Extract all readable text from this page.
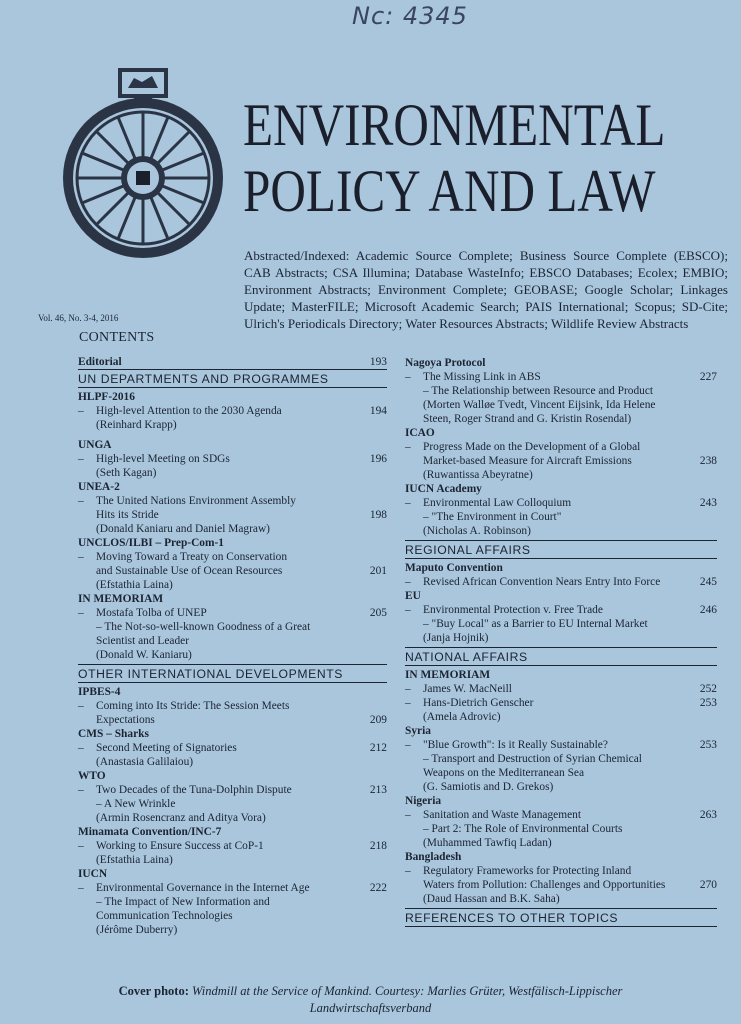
Nc: 4345
ENVIRONMENTAL
POLICY AND LAW
Abstracted/Indexed: Academic Source Complete; Business Source Complete (EBSCO); CAB Abstracts; CSA Illumina; Database WasteInfo; EBSCO Databases; Ecolex; EMBIO; Environment Abstracts; Environment Complete; GEOBASE; Google Scholar; Linkages Update; MasterFILE; Microsoft Academic Search; PAIS International; Scopus; SD-Cite; Ulrich's Periodicals Directory; Water Resources Abstracts; Wildlife Review Abstracts
Vol. 46, No. 3-4, 2016
CONTENTS
Editorial	193
UN DEPARTMENTS AND PROGRAMMES
HLPF-2016
– High-level Attention to the 2030 Agenda	194
(Reinhard Krapp)
UNGA
– High-level Meeting on SDGs	196
(Seth Kagan)
UNEA-2
– The United Nations Environment Assembly
Hits its Stride	198
(Donald Kaniaru and Daniel Magraw)
UNCLOS/ILBI – Prep-Com-1
– Moving Toward a Treaty on Conservation
and Sustainable Use of Ocean Resources	201
(Efstathia Laina)
IN MEMORIAM
– Mostafa Tolba of UNEP	205
– The Not-so-well-known Goodness of a Great
Scientist and Leader
(Donald W. Kaniaru)
OTHER INTERNATIONAL DEVELOPMENTS
IPBES-4
– Coming into Its Stride: The Session Meets
Expectations	209
CMS – Sharks
– Second Meeting of Signatories	212
(Anastasia Galilaiou)
WTO
– Two Decades of the Tuna-Dolphin Dispute	213
– A New Wrinkle
(Armin Rosencranz and Aditya Vora)
Minamata Convention/INC-7
– Working to Ensure Success at CoP-1	218
(Efstathia Laina)
IUCN
– Environmental Governance in the Internet Age	222
– The Impact of New Information and
Communication Technologies
(Jérôme Duberry)
Nagoya Protocol
– The Missing Link in ABS	227
– The Relationship between Resource and Product
(Morten Walløe Tvedt, Vincent Eijsink, Ida Helene
Steen, Roger Strand and G. Kristin Rosendal)
ICAO
– Progress Made on the Development of a Global
Market-based Measure for Aircraft Emissions	238
(Ruwantissa Abeyratne)
IUCN Academy
– Environmental Law Colloquium	243
– "The Environment in Court"
(Nicholas A. Robinson)
REGIONAL AFFAIRS
Maputo Convention
– Revised African Convention Nears Entry Into Force	245
EU
– Environmental Protection v. Free Trade	246
– "Buy Local" as a Barrier to EU Internal Market
(Janja Hojnik)
NATIONAL AFFAIRS
IN MEMORIAM
– James W. MacNeill	252
– Hans-Dietrich Genscher	253
(Amela Adrovic)
Syria
– "Blue Growth": Is it Really Sustainable?	253
– Transport and Destruction of Syrian Chemical
Weapons on the Mediterranean Sea
(G. Samiotis and D. Grekos)
Nigeria
– Sanitation and Waste Management	263
– Part 2: The Role of Environmental Courts
(Muhammed Tawfiq Ladan)
Bangladesh
– Regulatory Frameworks for Protecting Inland
Waters from Pollution: Challenges and Opportunities	270
(Daud Hassan and B.K. Saha)
REFERENCES TO OTHER TOPICS
Cover photo: Windmill at the Service of Mankind. Courtesy: Marlies Grüter, Westfälisch-Lippischer
Landwirtschaftsverband
